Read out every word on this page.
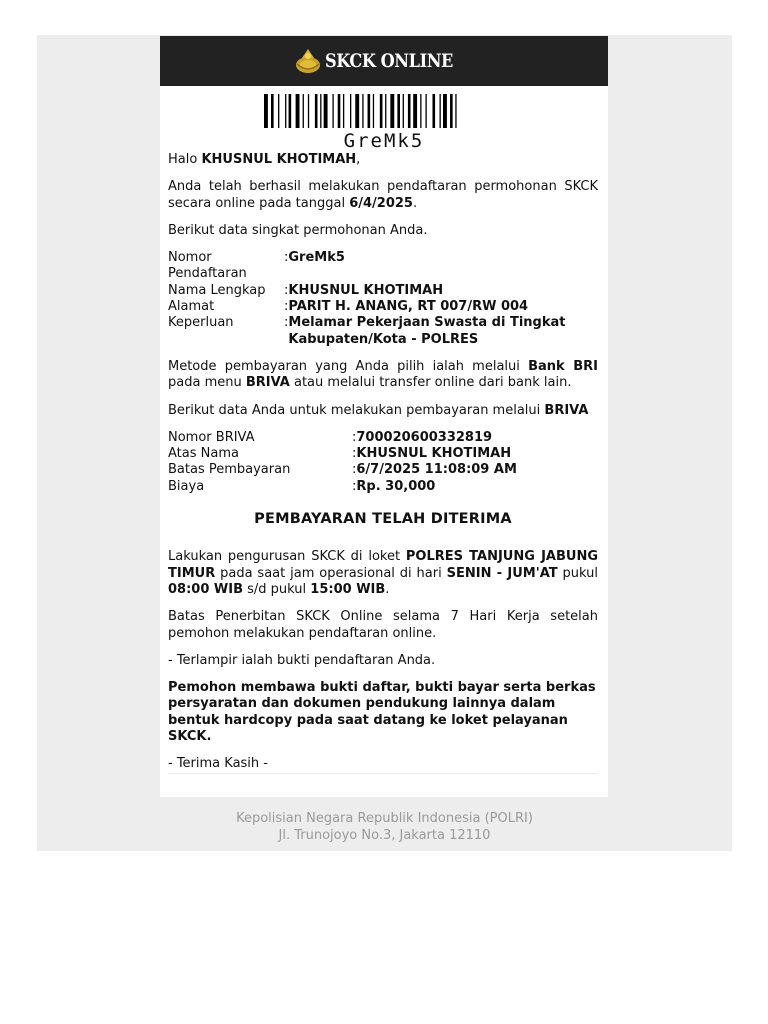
SKCK ONLINE
GreMk5

Halo KHUSNUL KHOTIMAH,

Anda telah berhasil melakukan pendaftaran permohonan SKCK secara online pada tanggal 6/4/2025.

Berikut data singkat permohonan Anda.

Nomor Pendaftaran	:	GreMk5
Nama Lengkap	:	KHUSNUL KHOTIMAH
Alamat	:	PARIT H. ANANG, RT 007/RW 004
Keperluan	:	Melamar Pekerjaan Swasta di Tingkat Kabupaten/Kota - POLRES

Metode pembayaran yang Anda pilih ialah melalui Bank BRI pada menu BRIVA atau melalui transfer online dari bank lain.

Berikut data Anda untuk melakukan pembayaran melalui BRIVA

Nomor BRIVA	:	700020600332819
Atas Nama	:	KHUSNUL KHOTIMAH
Batas Pembayaran	:	6/7/2025 11:08:09 AM
Biaya	:	Rp. 30,000
PEMBAYARAN TELAH DITERIMA

Lakukan pengurusan SKCK di loket POLRES TANJUNG JABUNG TIMUR pada saat jam operasional di hari SENIN - JUM'AT pukul 08:00 WIB s/d pukul 15:00 WIB.

Batas Penerbitan SKCK Online selama 7 Hari Kerja setelah pemohon melakukan pendaftaran online.

- Terlampir ialah bukti pendaftaran Anda.

Pemohon membawa bukti daftar, bukti bayar serta berkas persyaratan dan dokumen pendukung lainnya dalam bentuk hardcopy pada saat datang ke loket pelayanan SKCK.

- Terima Kasih -

Kepolisian Negara Republik Indonesia (POLRI)
Jl. Trunojoyo No.3, Jakarta 12110
